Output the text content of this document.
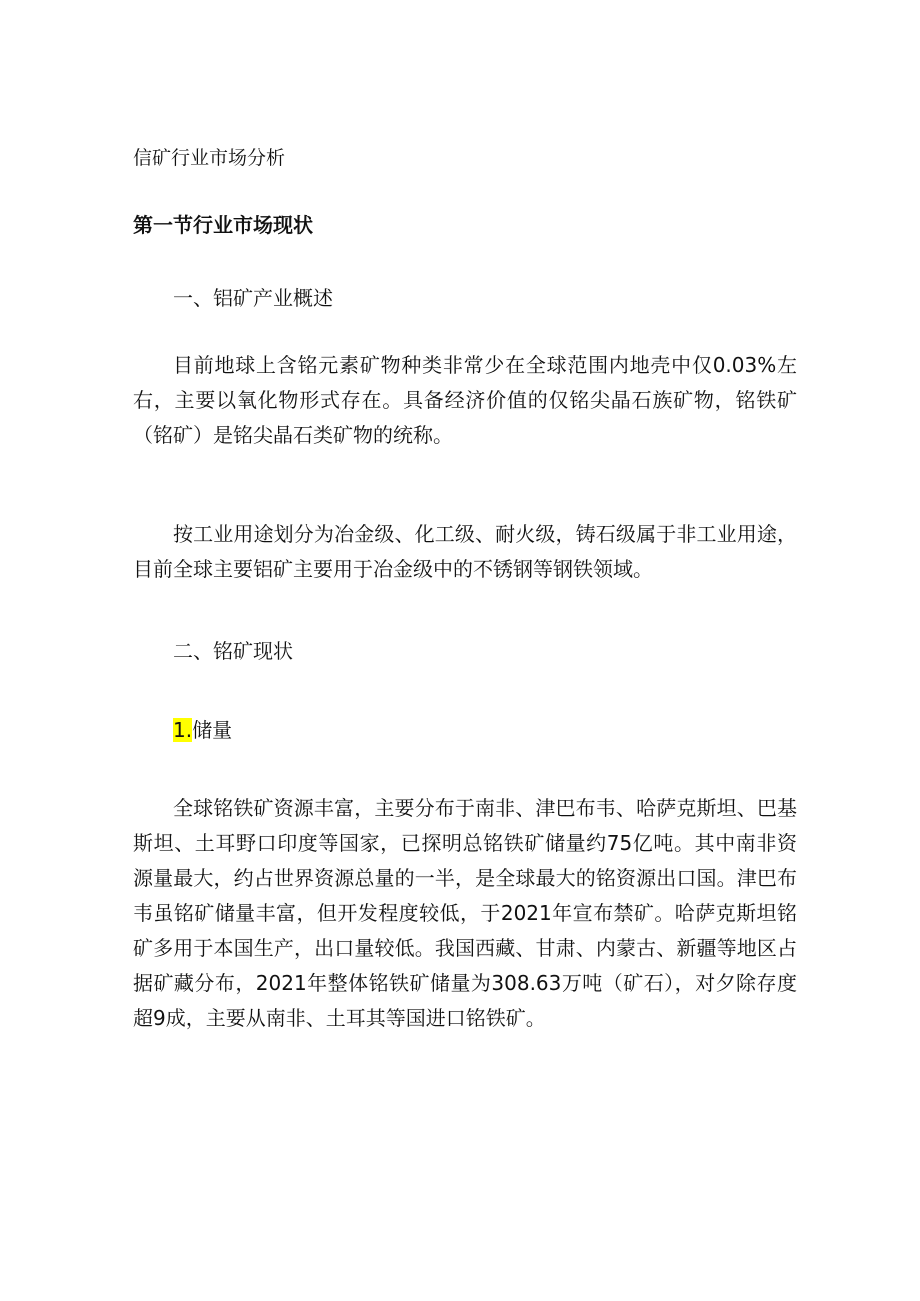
信矿行业市场分析
第一节行业市场现状
一、铝矿产业概述

目前地球上含铭元素矿物种类非常少在全球范围内地壳中仅0.03%左右，主要以氧化物形式存在。具备经济价值的仅铭尖晶石族矿物，铭铁矿（铭矿）是铭尖晶石类矿物的统称。

按工业用途划分为冶金级、化工级、耐火级，铸石级属于非工业用途，目前全球主要铝矿主要用于冶金级中的不锈钢等钢铁领域。

二、铭矿现状
1.储量

全球铭铁矿资源丰富，主要分布于南非、津巴布韦、哈萨克斯坦、巴基斯坦、土耳野口印度等国家，已探明总铭铁矿储量约75亿吨。其中南非资源量最大，约占世界资源总量的一半，是全球最大的铭资源出口国。津巴布韦虽铭矿储量丰富，但开发程度较低，于2021年宣布禁矿。哈萨克斯坦铭矿多用于本国生产，出口量较低。我国西藏、甘肃、内蒙古、新疆等地区占据矿藏分布，2021年整体铭铁矿储量为308.63万吨（矿石），对夕除存度超9成，主要从南非、土耳其等国进口铭铁矿。
